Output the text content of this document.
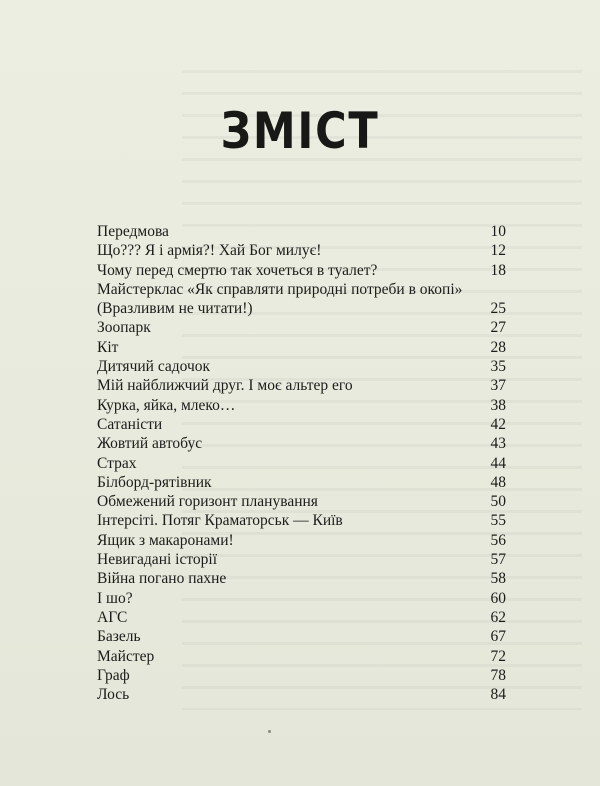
ЗМІСТ
Передмова	10
Що??? Я і армія?! Хай Бог милує!	12
Чому перед смертю так хочеться в туалет?	18
Майстерклас «Як справляти природні потреби в окопі»
(Вразливим не читати!)	25
Зоопарк	27
Кіт	28
Дитячий садочок	35
Мій найближчий друг. І моє альтер его	37
Курка, яйка, млеко…	38
Сатаністи	42
Жовтий автобус	43
Страх	44
Білборд-рятівник	48
Обмежений горизонт планування	50
Інтерсіті. Потяг Краматорськ — Київ	55
Ящик з макаронами!	56
Невигадані історії	57
Війна погано пахне	58
І шо?	60
АГС	62
Базель	67
Майстер	72
Граф	78
Лось	84
